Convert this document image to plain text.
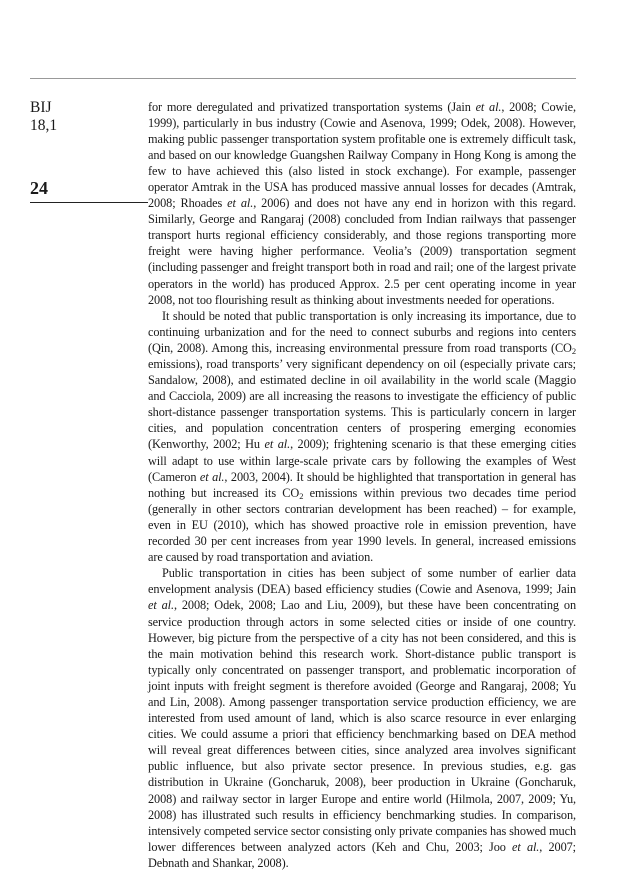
BIJ
18,1
24

for more deregulated and privatized transportation systems (Jain et al., 2008; Cowie, 1999), particularly in bus industry (Cowie and Asenova, 1999; Odek, 2008). However, making public passenger transportation system profitable one is extremely difficult task, and based on our knowledge Guangshen Railway Company in Hong Kong is among the few to have achieved this (also listed in stock exchange). For example, passenger operator Amtrak in the USA has produced massive annual losses for decades (Amtrak, 2008; Rhoades et al., 2006) and does not have any end in horizon with this regard. Similarly, George and Rangaraj (2008) concluded from Indian railways that passenger transport hurts regional efficiency considerably, and those regions transporting more freight were having higher performance. Veolia’s (2009) transportation segment (including passenger and freight transport both in road and rail; one of the largest private operators in the world) has produced Approx. 2.5 per cent operating income in year 2008, not too flourishing result as thinking about investments needed for operations.

It should be noted that public transportation is only increasing its importance, due to continuing urbanization and for the need to connect suburbs and regions into centers (Qin, 2008). Among this, increasing environmental pressure from road transports ($CO_2$ emissions), road transports’ very significant dependency on oil (especially private cars; Sandalow, 2008), and estimated decline in oil availability in the world scale (Maggio and Cacciola, 2009) are all increasing the reasons to investigate the efficiency of public short-distance passenger transportation systems. This is particularly concern in larger cities, and population concentration centers of prospering emerging economies (Kenworthy, 2002; Hu et al., 2009); frightening scenario is that these emerging cities will adapt to use within large-scale private cars by following the examples of West (Cameron et al., 2003, 2004). It should be highlighted that transportation in general has nothing but increased its $CO_2$ emissions within previous two decades time period (generally in other sectors contrarian development has been reached) – for example, even in EU (2010), which has showed proactive role in emission prevention, have recorded 30 per cent increases from year 1990 levels. In general, increased emissions are caused by road transportation and aviation.

Public transportation in cities has been subject of some number of earlier data envelopment analysis (DEA) based efficiency studies (Cowie and Asenova, 1999; Jain et al., 2008; Odek, 2008; Lao and Liu, 2009), but these have been concentrating on service production through actors in some selected cities or inside of one country. However, big picture from the perspective of a city has not been considered, and this is the main motivation behind this research work. Short-distance public transport is typically only concentrated on passenger transport, and problematic incorporation of joint inputs with freight segment is therefore avoided (George and Rangaraj, 2008; Yu and Lin, 2008). Among passenger transportation service production efficiency, we are interested from used amount of land, which is also scarce resource in ever enlarging cities. We could assume a priori that efficiency benchmarking based on DEA method will reveal great differences between cities, since analyzed area involves significant public influence, but also private sector presence. In previous studies, e.g. gas distribution in Ukraine (Goncharuk, 2008), beer production in Ukraine (Goncharuk, 2008) and railway sector in larger Europe and entire world (Hilmola, 2007, 2009; Yu, 2008) has illustrated such results in efficiency benchmarking studies. In comparison, intensively competed service sector consisting only private companies has showed much lower differences between analyzed actors (Keh and Chu, 2003; Joo et al., 2007; Debnath and Shankar, 2008).
